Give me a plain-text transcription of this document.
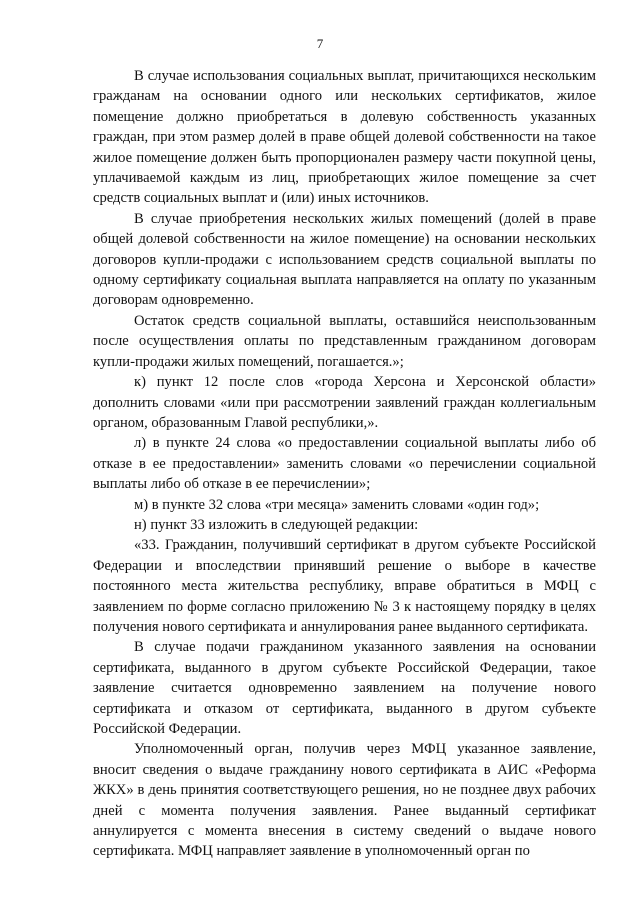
7

В случае использования социальных выплат, причитающихся нескольким гражданам на основании одного или нескольких сертификатов, жилое помещение должно приобретаться в долевую собственность указанных граждан, при этом размер долей в праве общей долевой собственности на такое жилое помещение должен быть пропорционален размеру части покупной цены, уплачиваемой каждым из лиц, приобретающих жилое помещение за счет средств социальных выплат и (или) иных источников.

В случае приобретения нескольких жилых помещений (долей в праве общей долевой собственности на жилое помещение) на основании нескольких договоров купли-продажи с использованием средств социальной выплаты по одному сертификату социальная выплата направляется на оплату по указанным договорам одновременно.

Остаток средств социальной выплаты, оставшийся неиспользованным после осуществления оплаты по представленным гражданином договорам купли-продажи жилых помещений, погашается.»;

к) пункт 12 после слов «города Херсона и Херсонской области» дополнить словами «или при рассмотрении заявлений граждан коллегиальным органом, образованным Главой республики,».

л) в пункте 24 слова «о предоставлении социальной выплаты либо об отказе в ее предоставлении» заменить словами «о перечислении социальной выплаты либо об отказе в ее перечислении»;

м) в пункте 32 слова «три месяца» заменить словами «один год»;

н) пункт 33 изложить в следующей редакции:

«33. Гражданин, получивший сертификат в другом субъекте Российской Федерации и впоследствии принявший решение о выборе в качестве постоянного места жительства республику, вправе обратиться в МФЦ с заявлением по форме согласно приложению № 3 к настоящему порядку в целях получения нового сертификата и аннулирования ранее выданного сертификата.

В случае подачи гражданином указанного заявления на основании сертификата, выданного в другом субъекте Российской Федерации, такое заявление считается одновременно заявлением на получение нового сертификата и отказом от сертификата, выданного в другом субъекте Российской Федерации.

Уполномоченный орган, получив через МФЦ указанное заявление, вносит сведения о выдаче гражданину нового сертификата в АИС «Реформа ЖКХ» в день принятия соответствующего решения, но не позднее двух рабочих дней с момента получения заявления. Ранее выданный сертификат аннулируется с момента внесения в систему сведений о выдаче нового сертификата. МФЦ направляет заявление в уполномоченный орган по
